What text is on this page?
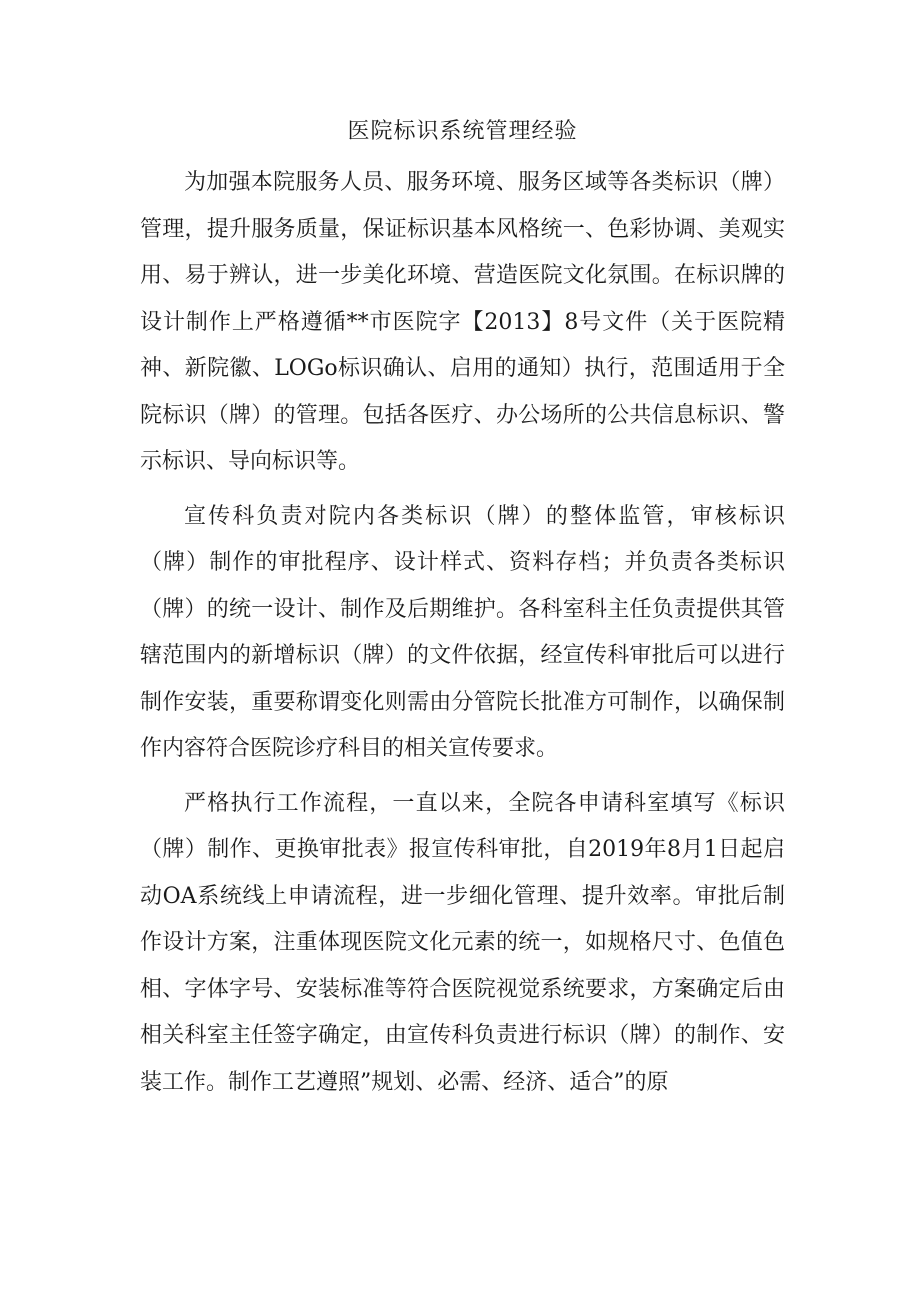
医院标识系统管理经验

为加强本院服务人员、服务环境、服务区域等各类标识（牌）管理，提升服务质量，保证标识基本风格统一、色彩协调、美观实用、易于辨认，进一步美化环境、营造医院文化氛围。在标识牌的设计制作上严格遵循**市医院字【2013】8号文件（关于医院精神、新院徽、LOGo标识确认、启用的通知）执行，范围适用于全院标识（牌）的管理。包括各医疗、办公场所的公共信息标识、警示标识、导向标识等。

宣传科负责对院内各类标识（牌）的整体监管，审核标识（牌）制作的审批程序、设计样式、资料存档；并负责各类标识（牌）的统一设计、制作及后期维护。各科室科主任负责提供其管辖范围内的新增标识（牌）的文件依据，经宣传科审批后可以进行制作安装，重要称谓变化则需由分管院长批准方可制作，以确保制作内容符合医院诊疗科目的相关宣传要求。

严格执行工作流程，一直以来，全院各申请科室填写《标识（牌）制作、更换审批表》报宣传科审批，自2019年8月1日起启动OA系统线上申请流程，进一步细化管理、提升效率。审批后制作设计方案，注重体现医院文化元素的统一，如规格尺寸、色值色相、字体字号、安装标准等符合医院视觉系统要求，方案确定后由相关科室主任签字确定，由宣传科负责进行标识（牌）的制作、安装工作。制作工艺遵照”规划、必需、经济、适合”的原
